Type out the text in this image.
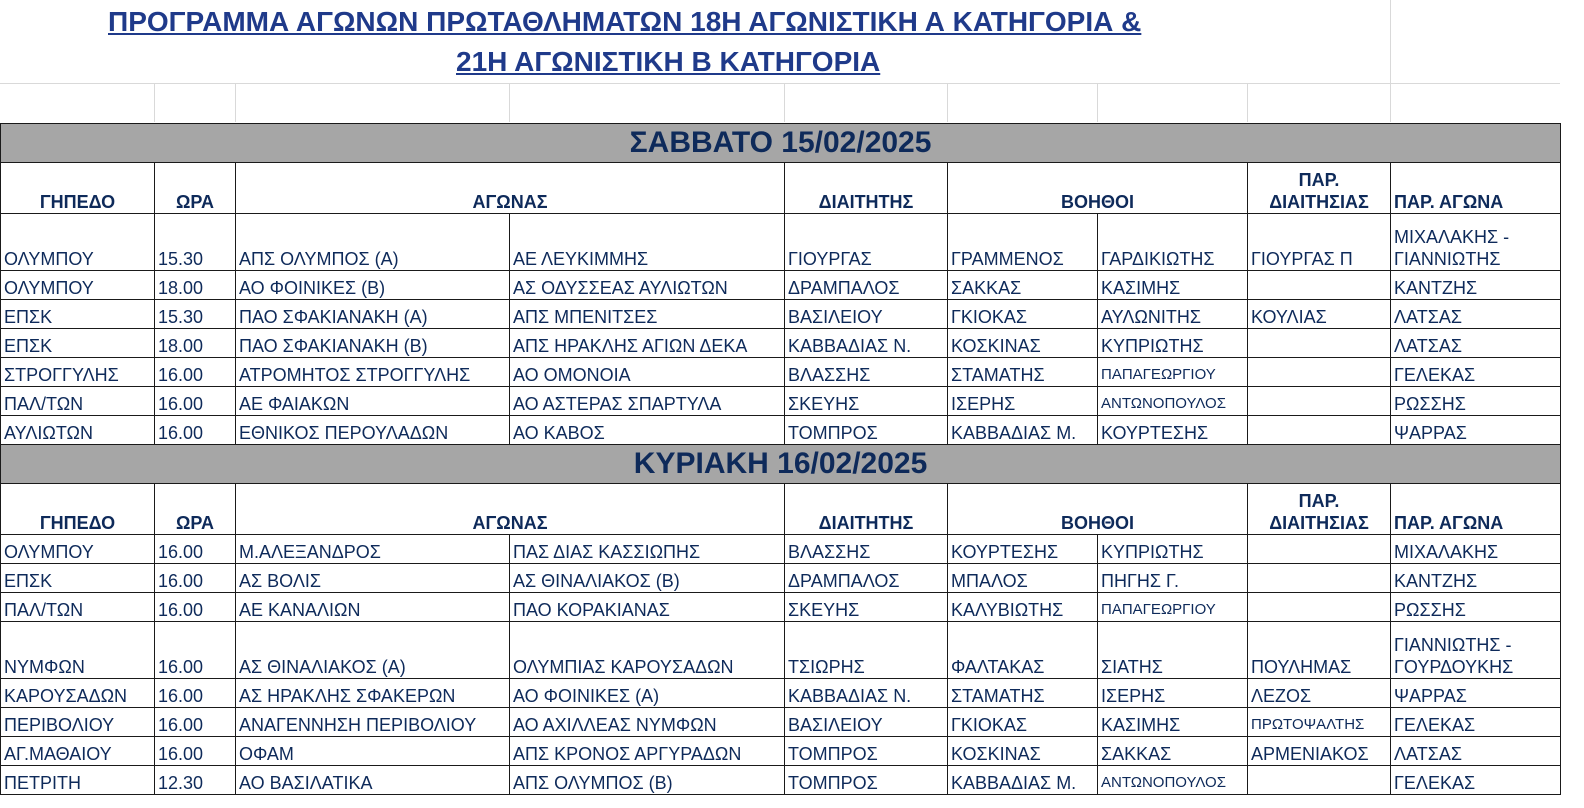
ΠΡΟΓΡΑΜΜΑ ΑΓΩΝΩΝ ΠΡΩΤΑΘΛΗΜΑΤΩΝ 18Η ΑΓΩΝΙΣΤΙΚΗ Α ΚΑΤΗΓΟΡΙΑ &
21Η ΑΓΩΝΙΣΤΙΚΗ Β ΚΑΤΗΓΟΡΙΑ
ΣΑΒΒΑΤΟ 15/02/2025								
ΓΗΠΕΔΟ	ΩΡΑ	ΑΓΩΝΑΣ		ΔΙΑΙΤΗΤΗΣ	ΒΟΗΘΟΙ		ΠΑΡ.
ΔΙΑΙΤΗΣΙΑΣ	ΠΑΡ. ΑΓΩΝΑ
ΟΛΥΜΠΟΥ	15.30	ΑΠΣ ΟΛΥΜΠΟΣ (Α)	ΑΕ ΛΕΥΚΙΜΜΗΣ	ΓΙΟΥΡΓΑΣ	ΓΡΑΜΜΕΝΟΣ	ΓΑΡΔΙΚΙΩΤΗΣ	ΓΙΟΥΡΓΑΣ Π	ΜΙΧΑΛΑΚΗΣ - ΓΙΑΝΝΙΩΤΗΣ
ΟΛΥΜΠΟΥ	18.00	ΑΟ ΦΟΙΝΙΚΕΣ (Β)	ΑΣ ΟΔΥΣΣΕΑΣ ΑΥΛΙΩΤΩΝ	ΔΡΑΜΠΑΛΟΣ	ΣΑΚΚΑΣ	ΚΑΣΙΜΗΣ		ΚΑΝΤΖΗΣ
ΕΠΣΚ	15.30	ΠΑΟ ΣΦΑΚΙΑΝΑΚΗ (Α)	ΑΠΣ ΜΠΕΝΙΤΣΕΣ	ΒΑΣΙΛΕΙΟΥ	ΓΚΙΟΚΑΣ	ΑΥΛΩΝΙΤΗΣ	ΚΟΥΛΙΑΣ	ΛΑΤΣΑΣ
ΕΠΣΚ	18.00	ΠΑΟ ΣΦΑΚΙΑΝΑΚΗ (Β)	ΑΠΣ ΗΡΑΚΛΗΣ ΑΓΙΩΝ ΔΕΚΑ	ΚΑΒΒΑΔΙΑΣ Ν.	ΚΟΣΚΙΝΑΣ	ΚΥΠΡΙΩΤΗΣ		ΛΑΤΣΑΣ
ΣΤΡΟΓΓΥΛΗΣ	16.00	ΑΤΡΟΜΗΤΟΣ ΣΤΡΟΓΓΥΛΗΣ	ΑΟ ΟΜΟΝΟΙΑ	ΒΛΑΣΣΗΣ	ΣΤΑΜΑΤΗΣ	ΠΑΠΑΓΕΩΡΓΙΟΥ		ΓΕΛΕΚΑΣ
ΠΑΛ/ΤΩΝ	16.00	ΑΕ ΦΑΙΑΚΩΝ	ΑΟ ΑΣΤΕΡΑΣ ΣΠΑΡΤΥΛΑ	ΣΚΕΥΗΣ	ΙΣΕΡΗΣ	ΑΝΤΩΝΟΠΟΥΛΟΣ		ΡΩΣΣΗΣ
ΑΥΛΙΩΤΩΝ	16.00	ΕΘΝΙΚΟΣ ΠΕΡΟΥΛΑΔΩΝ	ΑΟ ΚΑΒΟΣ	ΤΟΜΠΡΟΣ	ΚΑΒΒΑΔΙΑΣ Μ.	ΚΟΥΡΤΕΣΗΣ		ΨΑΡΡΑΣ
ΚΥΡΙΑΚΗ 16/02/2025								
ΓΗΠΕΔΟ	ΩΡΑ	ΑΓΩΝΑΣ		ΔΙΑΙΤΗΤΗΣ	ΒΟΗΘΟΙ		ΠΑΡ.
ΔΙΑΙΤΗΣΙΑΣ	ΠΑΡ. ΑΓΩΝΑ
ΟΛΥΜΠΟΥ	16.00	Μ.ΑΛΕΞΑΝΔΡΟΣ	ΠΑΣ ΔΙΑΣ ΚΑΣΣΙΩΠΗΣ	ΒΛΑΣΣΗΣ	ΚΟΥΡΤΕΣΗΣ	ΚΥΠΡΙΩΤΗΣ		ΜΙΧΑΛΑΚΗΣ
ΕΠΣΚ	16.00	ΑΣ ΒΟΛΙΣ	ΑΣ ΘΙΝΑΛΙΑΚΟΣ (Β)	ΔΡΑΜΠΑΛΟΣ	ΜΠΑΛΟΣ	ΠΗΓΗΣ Γ.		ΚΑΝΤΖΗΣ
ΠΑΛ/ΤΩΝ	16.00	ΑΕ ΚΑΝΑΛΙΩΝ	ΠΑΟ ΚΟΡΑΚΙΑΝΑΣ	ΣΚΕΥΗΣ	ΚΑΛΥΒΙΩΤΗΣ	ΠΑΠΑΓΕΩΡΓΙΟΥ		ΡΩΣΣΗΣ
ΝΥΜΦΩΝ	16.00	ΑΣ ΘΙΝΑΛΙΑΚΟΣ (Α)	ΟΛΥΜΠΙΑΣ ΚΑΡΟΥΣΑΔΩΝ	ΤΣΙΩΡΗΣ	ΦΑΛΤΑΚΑΣ	ΣΙΑΤΗΣ	ΠΟΥΛΗΜΑΣ	ΓΙΑΝΝΙΩΤΗΣ - ΓΟΥΡΔΟΥΚΗΣ
ΚΑΡΟΥΣΑΔΩΝ	16.00	ΑΣ ΗΡΑΚΛΗΣ ΣΦΑΚΕΡΩΝ	ΑΟ ΦΟΙΝΙΚΕΣ (Α)	ΚΑΒΒΑΔΙΑΣ Ν.	ΣΤΑΜΑΤΗΣ	ΙΣΕΡΗΣ	ΛΕΖΟΣ	ΨΑΡΡΑΣ
ΠΕΡΙΒΟΛΙΟΥ	16.00	ΑΝΑΓΕΝΝΗΣΗ ΠΕΡΙΒΟΛΙΟΥ	ΑΟ ΑΧΙΛΛΕΑΣ ΝΥΜΦΩΝ	ΒΑΣΙΛΕΙΟΥ	ΓΚΙΟΚΑΣ	ΚΑΣΙΜΗΣ	ΠΡΩΤΟΨΑΛΤΗΣ	ΓΕΛΕΚΑΣ
ΑΓ.ΜΑΘΑΙΟΥ	16.00	ΟΦΑΜ	ΑΠΣ ΚΡΟΝΟΣ ΑΡΓΥΡΑΔΩΝ	ΤΟΜΠΡΟΣ	ΚΟΣΚΙΝΑΣ	ΣΑΚΚΑΣ	ΑΡΜΕΝΙΑΚΟΣ	ΛΑΤΣΑΣ
ΠΕΤΡΙΤΗ	12.30	ΑΟ ΒΑΣΙΛΑΤΙΚΑ	ΑΠΣ ΟΛΥΜΠΟΣ (Β)	ΤΟΜΠΡΟΣ	ΚΑΒΒΑΔΙΑΣ Μ.	ΑΝΤΩΝΟΠΟΥΛΟΣ		ΓΕΛΕΚΑΣ
